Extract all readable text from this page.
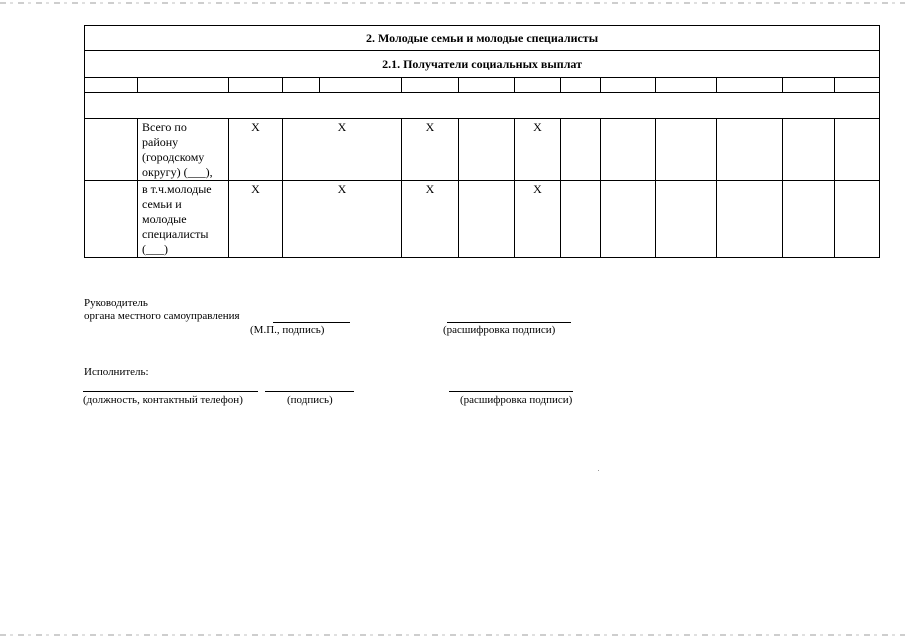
2. Молодые семьи и молодые специалисты													
2.1. Получатели социальных выплат													

	Всего по району (городскому округу) (___),	Х	Х		Х		Х						
	в т.ч.молодые семьи и молодые специалисты (___)	Х	Х		Х		Х						
Руководитель
органа местного самоуправления
(М.П., подпись)	(расшифровка подписи)
Исполнитель:
(должность, контактный телефон)	(подпись)	(расшифровка подписи)
